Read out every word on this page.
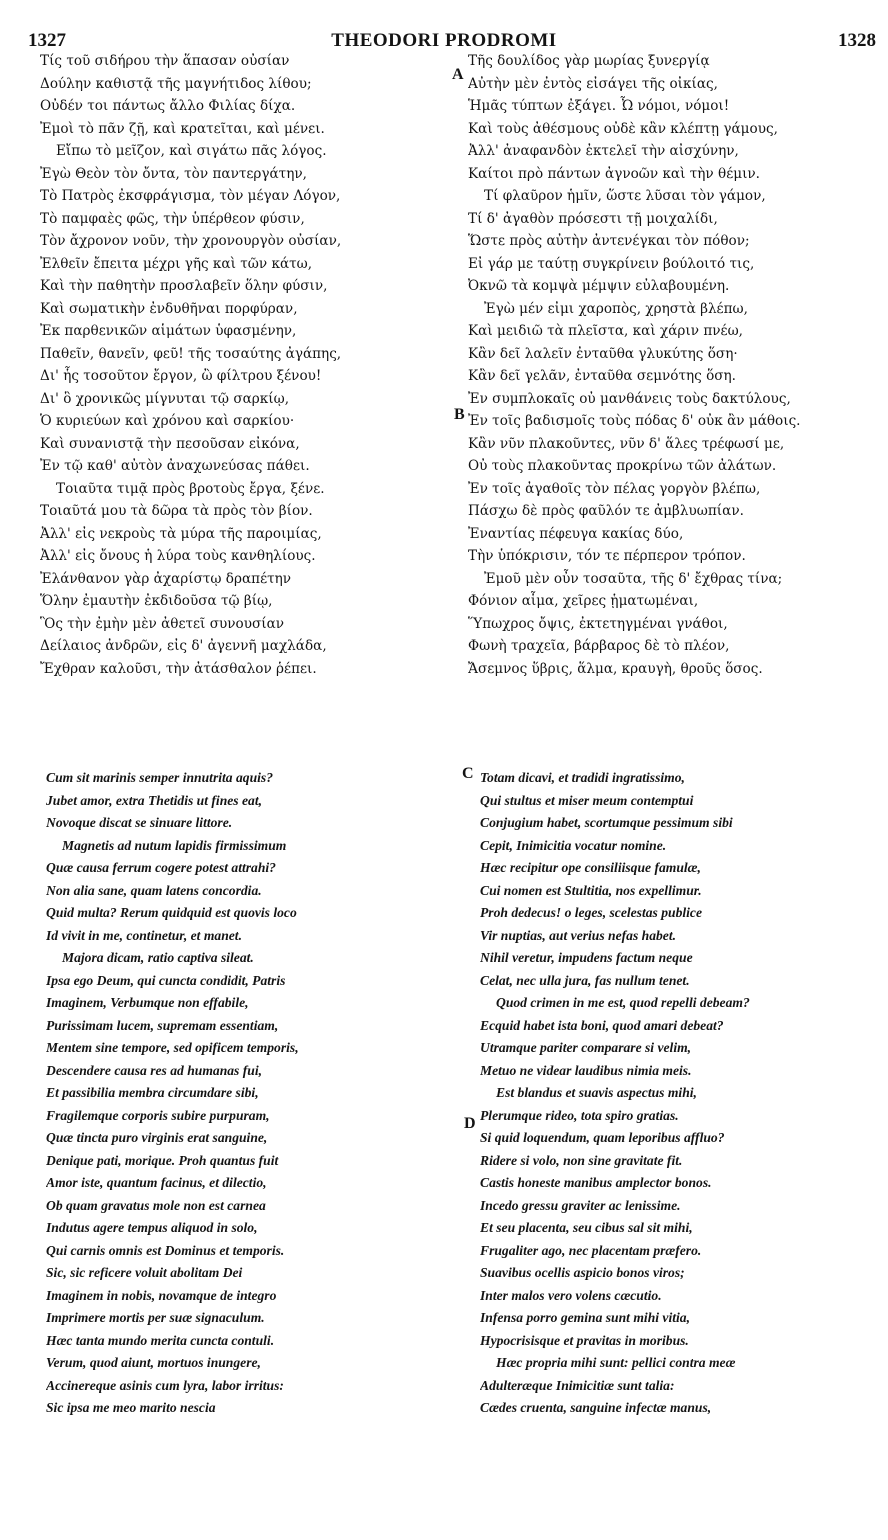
1327	THEODORI PRODROMI	1328
A
B
C
D
Τίς τοῦ σιδήρου τὴν ἅπασαν οὐσίαν
Δούλην καθιστᾷ τῆς μαγνήτιδος λίθου;
Οὐδέν τοι πάντως ἄλλο Φιλίας δίχα.
Ἐμοὶ τὸ πᾶν ζῇ, καὶ κρατεῖται, καὶ μένει.
Εἴπω τὸ μεῖζον, καὶ σιγάτω πᾶς λόγος.
Ἐγὼ Θεὸν τὸν ὄντα, τὸν παντεργάτην,
Τὸ Πατρὸς ἐκσφράγισμα, τὸν μέγαν Λόγον,
Τὸ παμφαὲς φῶς, τὴν ὑπέρθεον φύσιν,
Τὸν ἄχρονον νοῦν, τὴν χρονουργὸν οὐσίαν,
Ἐλθεῖν ἔπειτα μέχρι γῆς καὶ τῶν κάτω,
Καὶ τὴν παθητὴν προσλαβεῖν ὅλην φύσιν,
Καὶ σωματικὴν ἐνδυθῆναι πορφύραν,
Ἐκ παρθενικῶν αἱμάτων ὑφασμένην,
Παθεῖν, θανεῖν, φεῦ! τῆς τοσαύτης ἀγάπης,
Δι' ἧς τοσοῦτον ἔργον, ὢ φίλτρου ξένου!
Δι' ὃ χρονικῶς μίγνυται τῷ σαρκίῳ,
Ὁ κυριεύων καὶ χρόνου καὶ σαρκίου·
Καὶ συνανιστᾷ τὴν πεσοῦσαν εἰκόνα,
Ἐν τῷ καθ' αὐτὸν ἀναχωνεύσας πάθει.
Τοιαῦτα τιμᾷ πρὸς βροτοὺς ἔργα, ξένε.
Τοιαῦτά μου τὰ δῶρα τὰ πρὸς τὸν βίον.
Ἀλλ' εἰς νεκροὺς τὰ μύρα τῆς παροιμίας,
Ἀλλ' εἰς ὄνους ἡ λύρα τοὺς κανθηλίους.
Ἐλάνθανον γὰρ ἀχαρίστῳ δραπέτην
Ὅλην ἐμαυτὴν ἐκδιδοῦσα τῷ βίῳ,
Ὃς τὴν ἐμὴν μὲν ἀθετεῖ συνουσίαν
Δείλαιος ἀνδρῶν, εἰς δ' ἀγεννῆ μαχλάδα,
Ἔχθραν καλοῦσι, τὴν ἀτάσθαλον ῥέπει.
Τῆς δουλίδος γὰρ μωρίας ξυνεργίᾳ
Αὐτὴν μὲν ἐντὸς εἰσάγει τῆς οἰκίας,
Ἡμᾶς τύπτων ἐξάγει. Ὦ νόμοι, νόμοι!
Καὶ τοὺς ἀθέσμους οὐδὲ κἂν κλέπτῃ γάμους,
Ἀλλ' ἀναφανδὸν ἐκτελεῖ τὴν αἰσχύνην,
Καίτοι πρὸ πάντων ἀγνοῶν καὶ τὴν θέμιν.
Τί φλαῦρον ἡμῖν, ὥστε λῦσαι τὸν γάμον,
Τί δ' ἀγαθὸν πρόσεστι τῇ μοιχαλίδι,
Ὥστε πρὸς αὐτὴν ἀντενέγκαι τὸν πόθον;
Εἰ γάρ με ταύτῃ συγκρίνειν βούλοιτό τις,
Ὀκνῶ τὰ κομψὰ μέμψιν εὐλαβουμένη.
Ἐγὼ μέν εἰμι χαροπὸς, χρηστὰ βλέπω,
Καὶ μειδιῶ τὰ πλεῖστα, καὶ χάριν πνέω,
Κἂν δεῖ λαλεῖν ἐνταῦθα γλυκύτης ὅση·
Κἂν δεῖ γελᾶν, ἐνταῦθα σεμνότης ὅση.
Ἐν συμπλοκαῖς οὐ μανθάνεις τοὺς δακτύλους,
Ἐν τοῖς βαδισμοῖς τοὺς πόδας δ' οὐκ ἂν μάθοις.
Κἂν νῦν πλακοῦντες, νῦν δ' ἅλες τρέφωσί με,
Οὐ τοὺς πλακοῦντας προκρίνω τῶν ἀλάτων.
Ἐν τοῖς ἀγαθοῖς τὸν πέλας γοργὸν βλέπω,
Πάσχω δὲ πρὸς φαῦλόν τε ἀμβλυωπίαν.
Ἐναντίας πέφευγα κακίας δύο,
Τὴν ὑπόκρισιν, τόν τε πέρπερον τρόπον.
Ἐμοῦ μὲν οὖν τοσαῦτα, τῆς δ' ἔχθρας τίνα;
Φόνιον αἷμα, χεῖρες ᾑματωμέναι,
Ὕπωχρος ὄψις, ἐκτετηγμέναι γνάθοι,
Φωνὴ τραχεῖα, βάρβαρος δὲ τὸ πλέον,
Ἄσεμνος ὕβρις, ἅλμα, κραυγὴ, θροῦς ὅσος.
Cum sit marinis semper innutrita aquis?
Jubet amor, extra Thetidis ut fines eat,
Novoque discat se sinuare littore.
Magnetis ad nutum lapidis firmissimum
Quæ causa ferrum cogere potest attrahi?
Non alia sane, quam latens concordia.
Quid multa? Rerum quidquid est quovis loco
Id vivit in me, continetur, et manet.
Majora dicam, ratio captiva sileat.
Ipsa ego Deum, qui cuncta condidit, Patris
Imaginem, Verbumque non effabile,
Purissimam lucem, supremam essentiam,
Mentem sine tempore, sed opificem temporis,
Descendere causa res ad humanas fui,
Et passibilia membra circumdare sibi,
Fragilemque corporis subire purpuram,
Quæ tincta puro virginis erat sanguine,
Denique pati, morique. Proh quantus fuit
Amor iste, quantum facinus, et dilectio,
Ob quam gravatus mole non est carnea
Indutus agere tempus aliquod in solo,
Qui carnis omnis est Dominus et temporis.
Sic, sic reficere voluit abolitam Dei
Imaginem in nobis, novamque de integro
Imprimere mortis per suæ signaculum.
Hæc tanta mundo merita cuncta contuli.
Verum, quod aiunt, mortuos inungere,
Accinereque asinis cum lyra, labor irritus:
Sic ipsa me meo marito nescia
Totam dicavi, et tradidi ingratissimo,
Qui stultus et miser meum contemptui
Conjugium habet, scortumque pessimum sibi
Cepit, Inimicitia vocatur nomine.
Hæc recipitur ope consiliisque famulæ,
Cui nomen est Stultitia, nos expellimur.
Proh dedecus! o leges, scelestas publice
Vir nuptias, aut verius nefas habet.
Nihil veretur, impudens factum neque
Celat, nec ulla jura, fas nullum tenet.
Quod crimen in me est, quod repelli debeam?
Ecquid habet ista boni, quod amari debeat?
Utramque pariter comparare si velim,
Metuo ne videar laudibus nimia meis.
Est blandus et suavis aspectus mihi,
Plerumque rideo, tota spiro gratias.
Si quid loquendum, quam leporibus affluo?
Ridere si volo, non sine gravitate fit.
Castis honeste manibus amplector bonos.
Incedo gressu graviter ac lenissime.
Et seu placenta, seu cibus sal sit mihi,
Frugaliter ago, nec placentam præfero.
Suavibus ocellis aspicio bonos viros;
Inter malos vero volens cæcutio.
Infensa porro gemina sunt mihi vitia,
Hypocrisisque et pravitas in moribus.
Hæc propria mihi sunt: pellici contra meæ
Adulteræque Inimicitiæ sunt talia:
Cædes cruenta, sanguine infectæ manus,
